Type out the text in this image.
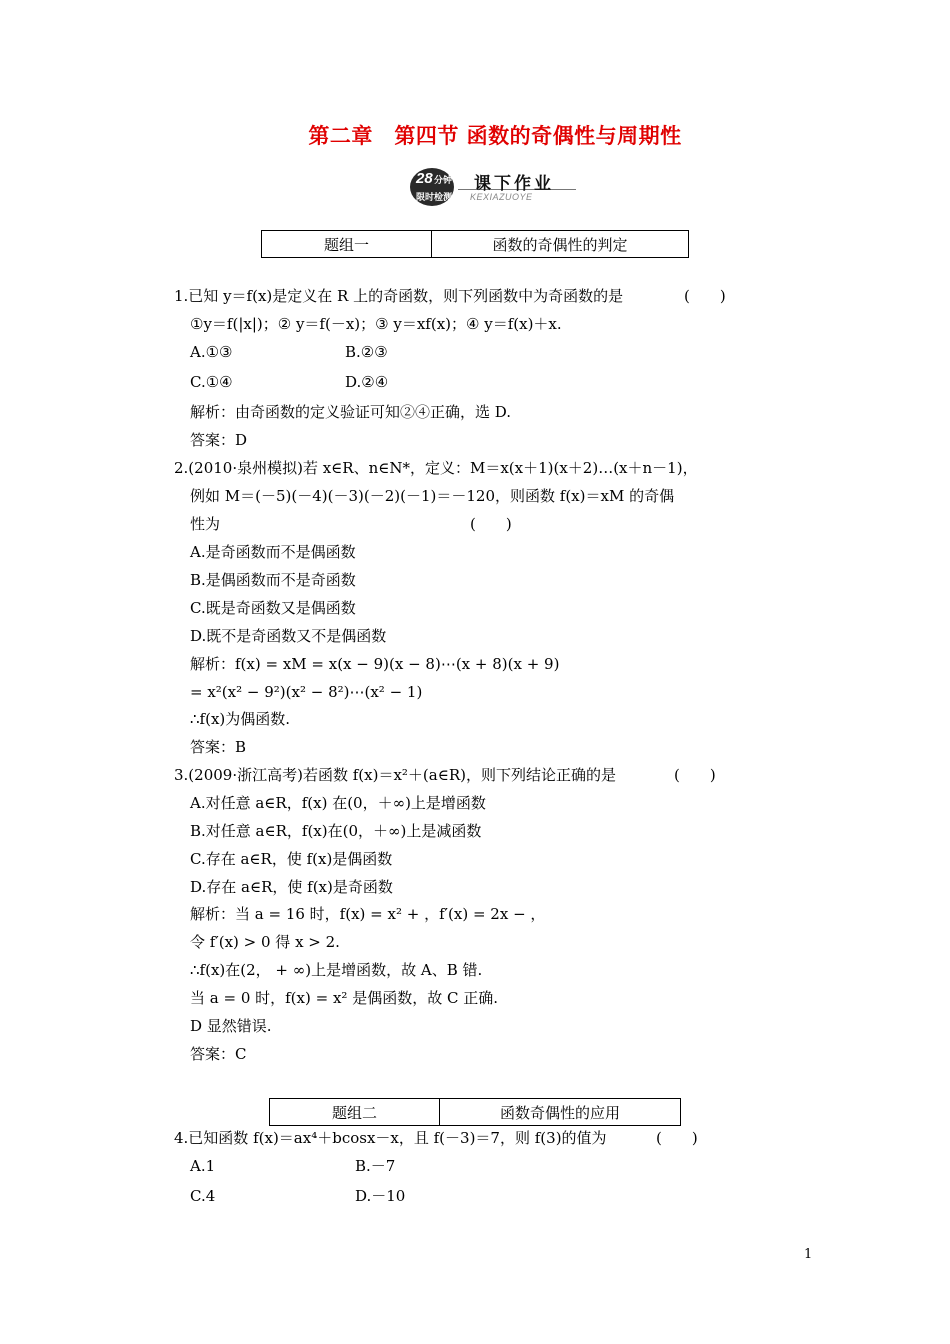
第二章　第四节 函数的奇偶性与周期性
28 分钟
限时检测
课下作业
KEXIAZUOYE
题组一	函数的奇偶性的判定
1.已知 y＝f(x)是定义在 R 上的奇函数，则下列函数中为奇函数的是	(　　)
①y＝f(|x|)；② y＝f(－x)；③ y＝xf(x)；④ y＝f(x)＋x.
A.①③	B.②③
C.①④	D.②④
解析：由奇函数的定义验证可知②④正确，选 D.
答案：D
2.(2010·泉州模拟)若 x∈R、n∈N*，定义：M＝x(x＋1)(x＋2)…(x＋n－1)，
例如 M＝(－5)(－4)(－3)(－2)(－1)＝－120，则函数 f(x)＝xM 的奇偶
性为	(　　)
A.是奇函数而不是偶函数
B.是偶函数而不是奇函数
C.既是奇函数又是偶函数
D.既不是奇函数又不是偶函数
解析：f(x) = xM = x(x − 9)(x − 8)⋯(x + 8)(x + 9)
= x²(x² − 9²)(x² − 8²)⋯(x² − 1)
∴f(x)为偶函数.
答案：B
3.(2009·浙江高考)若函数 f(x)＝x²＋(a∈R)，则下列结论正确的是	(　　)
A.对任意 a∈R，f(x) 在(0，＋∞)上是增函数
B.对任意 a∈R，f(x)在(0，＋∞)上是减函数
C.存在 a∈R，使 f(x)是偶函数
D.存在 a∈R，使 f(x)是奇函数
解析：当 a = 16 时，f(x) = x² + ，f′(x) = 2x − ，
令 f′(x) > 0 得 x > 2.
∴f(x)在(2， + ∞)上是增函数，故 A、B 错.
当 a = 0 时，f(x) = x² 是偶函数，故 C 正确.
D 显然错误.
答案：C
题组二	函数奇偶性的应用
4.已知函数 f(x)＝ax⁴＋bcosx－x，且 f(－3)＝7，则 f(3)的值为	(　　)
A.1	B.－7
C.4	D.－10
1
